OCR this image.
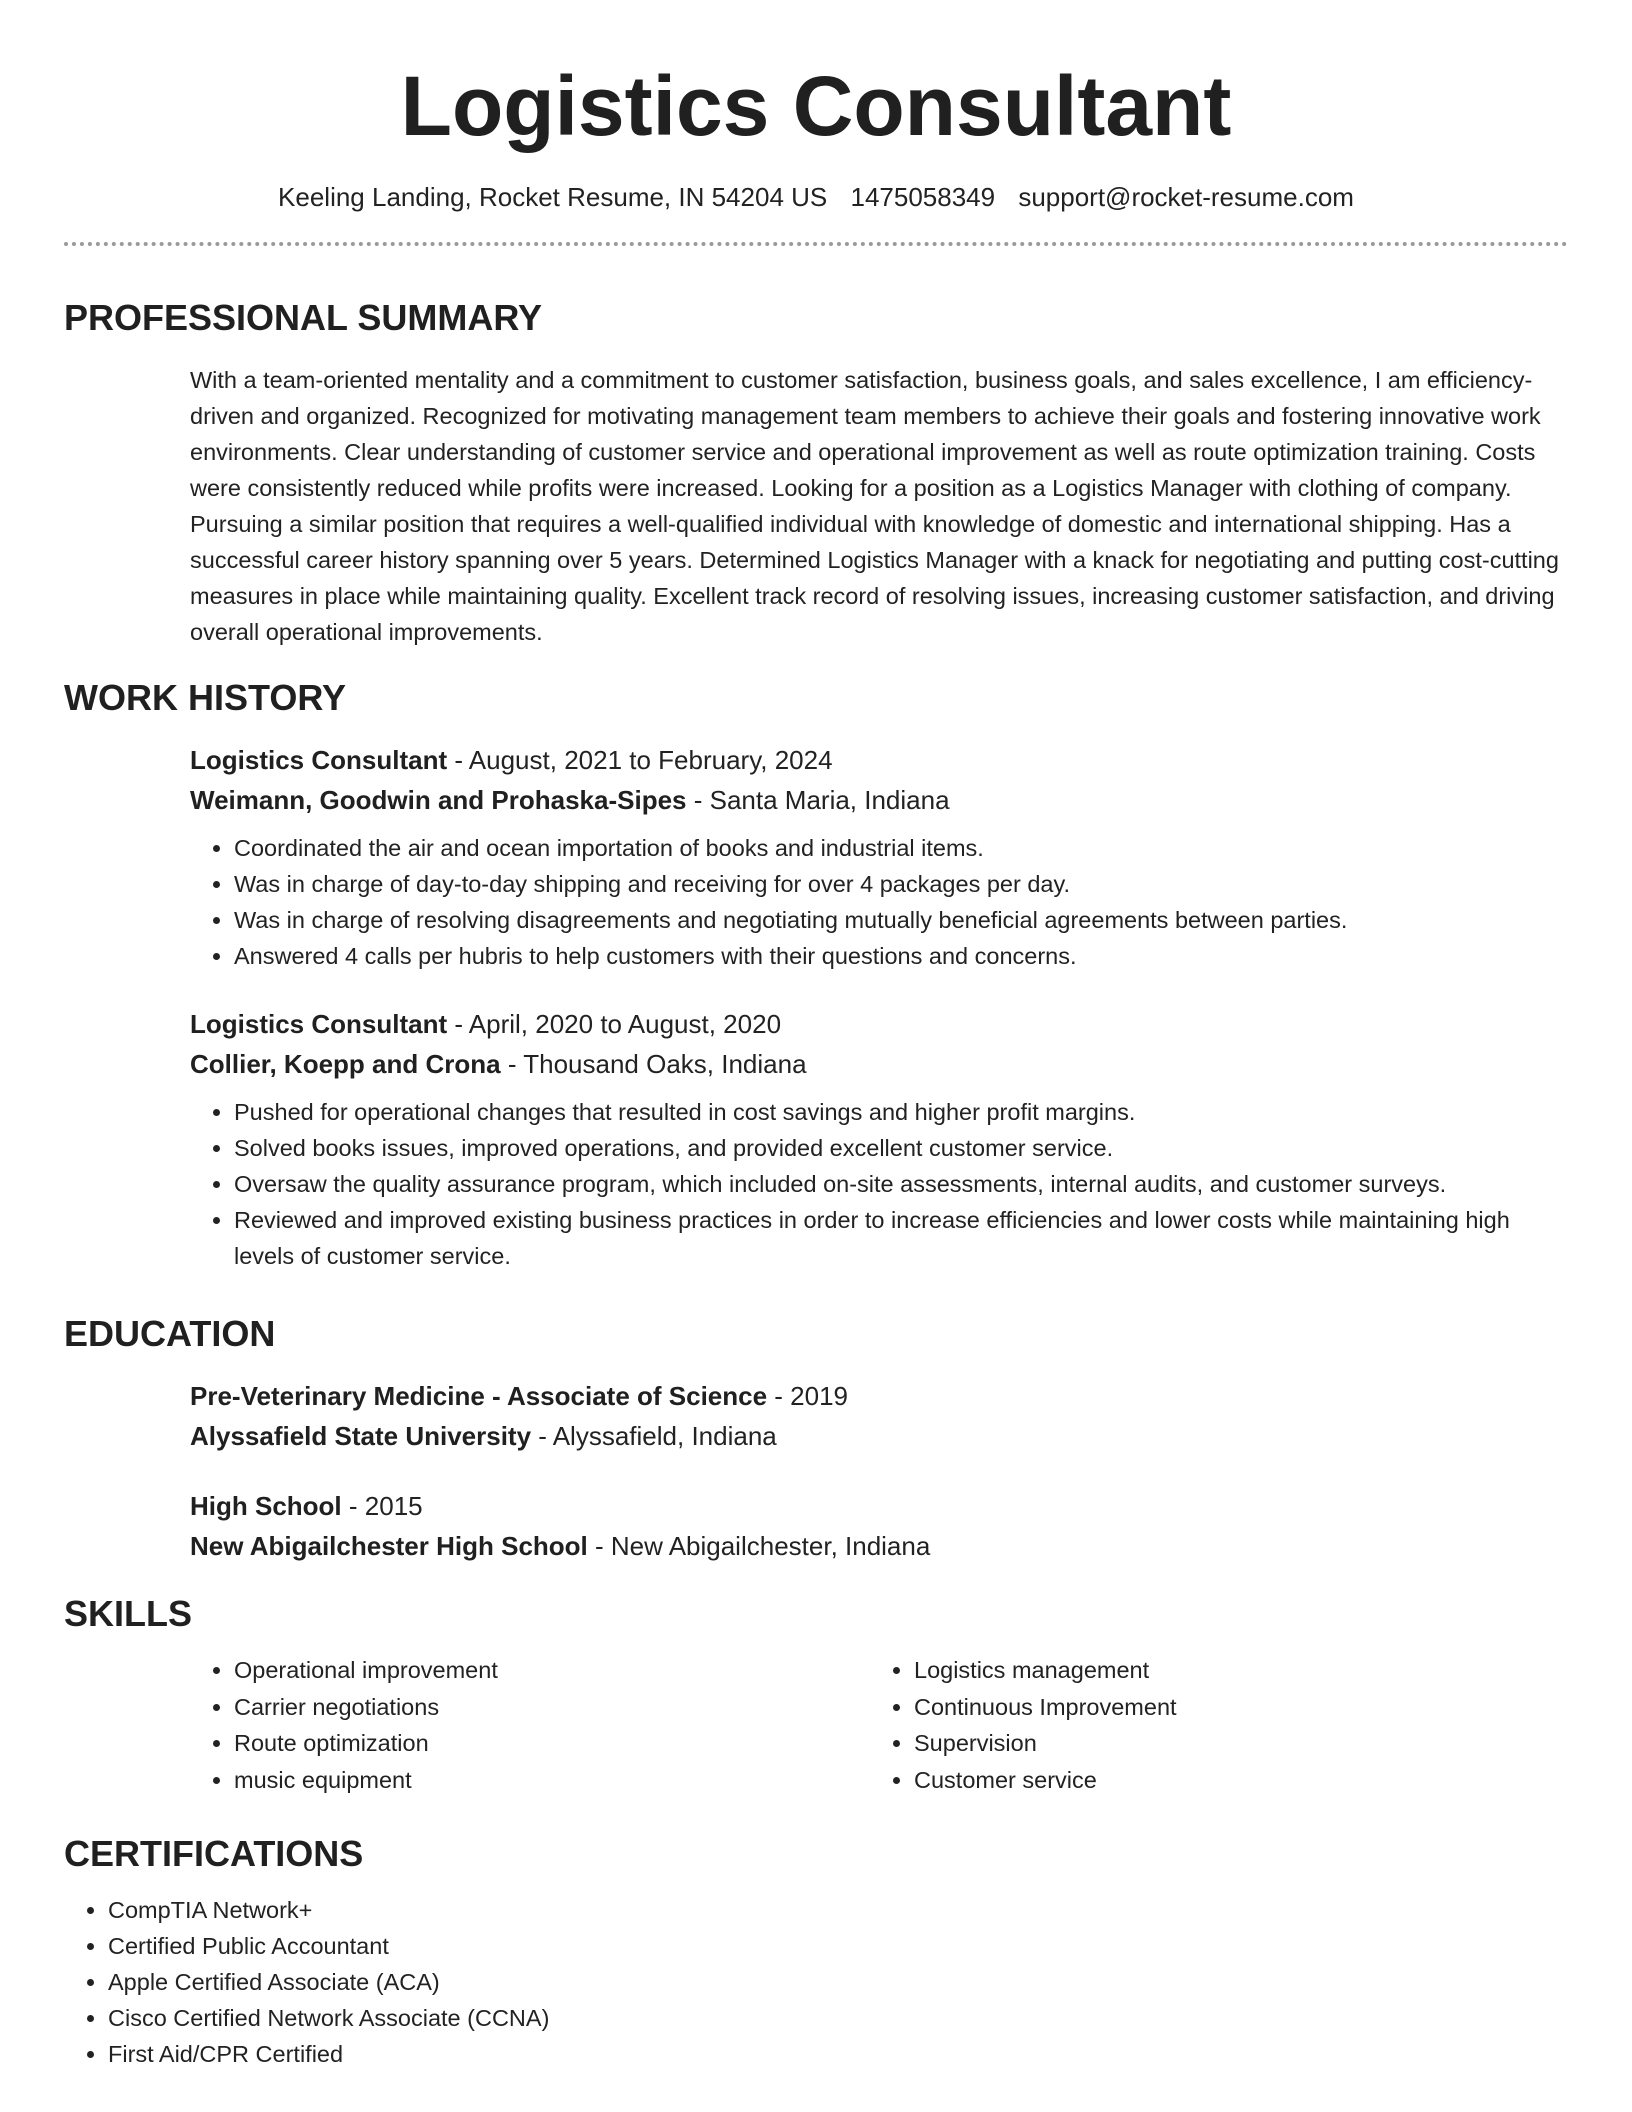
Logistics Consultant
Keeling Landing, Rocket Resume, IN 54204 US 1475058349 support@rocket-resume.com
PROFESSIONAL SUMMARY
With a team-oriented mentality and a commitment to customer satisfaction, business goals, and sales excellence, I am efficiency-driven and organized. Recognized for motivating management team members to achieve their goals and fostering innovative work environments. Clear understanding of customer service and operational improvement as well as route optimization training. Costs were consistently reduced while profits were increased. Looking for a position as a Logistics Manager with clothing of company. Pursuing a similar position that requires a well-qualified individual with knowledge of domestic and international shipping. Has a successful career history spanning over 5 years. Determined Logistics Manager with a knack for negotiating and putting cost-cutting measures in place while maintaining quality. Excellent track record of resolving issues, increasing customer satisfaction, and driving overall operational improvements.
WORK HISTORY
Logistics Consultant - August, 2021 to February, 2024
Weimann, Goodwin and Prohaska-Sipes - Santa Maria, Indiana
• Coordinated the air and ocean importation of books and industrial items.
• Was in charge of day-to-day shipping and receiving for over 4 packages per day.
• Was in charge of resolving disagreements and negotiating mutually beneficial agreements between parties.
• Answered 4 calls per hubris to help customers with their questions and concerns.
Logistics Consultant - April, 2020 to August, 2020
Collier, Koepp and Crona - Thousand Oaks, Indiana
• Pushed for operational changes that resulted in cost savings and higher profit margins.
• Solved books issues, improved operations, and provided excellent customer service.
• Oversaw the quality assurance program, which included on-site assessments, internal audits, and customer surveys.
• Reviewed and improved existing business practices in order to increase efficiencies and lower costs while maintaining high levels of customer service.
EDUCATION
Pre-Veterinary Medicine - Associate of Science - 2019
Alyssafield State University - Alyssafield, Indiana
High School - 2015
New Abigailchester High School - New Abigailchester, Indiana
SKILLS
• Operational improvement
• Carrier negotiations
• Route optimization
• music equipment
• Logistics management
• Continuous Improvement
• Supervision
• Customer service
CERTIFICATIONS
• CompTIA Network+
• Certified Public Accountant
• Apple Certified Associate (ACA)
• Cisco Certified Network Associate (CCNA)
• First Aid/CPR Certified
